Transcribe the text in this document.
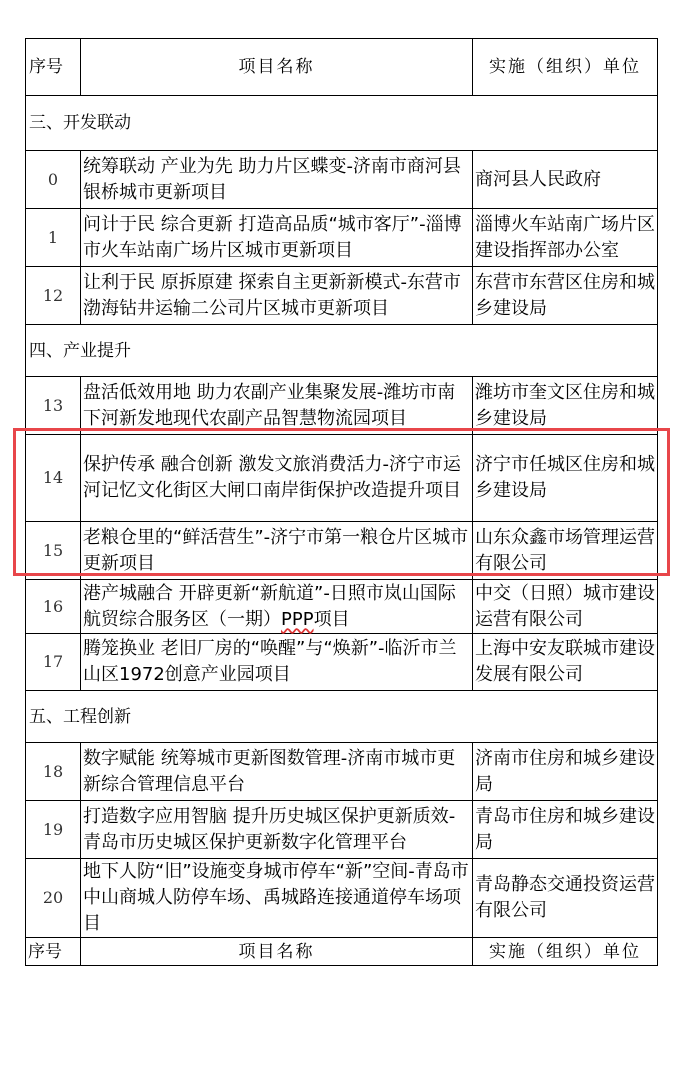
序号	项目名称	实施（组织）单位
三、开发联动		
0	统筹联动 产业为先 助力片区蝶变-济南市商河县银桥城市更新项目	商河县人民政府
1	问计于民 综合更新 打造高品质“城市客厅”-淄博市火车站南广场片区城市更新项目	淄博火车站南广场片区建设指挥部办公室
12	让利于民 原拆原建 探索自主更新新模式-东营市渤海钻井运输二公司片区城市更新项目	东营市东营区住房和城乡建设局
四、产业提升		
13	盘活低效用地 助力农副产业集聚发展-潍坊市南下河新发地现代农副产品智慧物流园项目	潍坊市奎文区住房和城乡建设局
14	保护传承 融合创新 激发文旅消费活力-济宁市运河记忆文化街区大闸口南岸街保护改造提升项目	济宁市任城区住房和城乡建设局
15	老粮仓里的“鲜活营生”-济宁市第一粮仓片区城市更新项目	山东众鑫市场管理运营有限公司
16	港产城融合 开辟更新“新航道”-日照市岚山国际航贸综合服务区（一期）PPP项目	中交（日照）城市建设运营有限公司
17	腾笼换业 老旧厂房的“唤醒”与“焕新”-临沂市兰山区1972创意产业园项目	上海中安友联城市建设发展有限公司
五、工程创新		
18	数字赋能 统筹城市更新图数管理-济南市城市更新综合管理信息平台	济南市住房和城乡建设局
19	打造数字应用智脑 提升历史城区保护更新质效-青岛市历史城区保护更新数字化管理平台	青岛市住房和城乡建设局
20	地下人防“旧”设施变身城市停车“新”空间-青岛市中山商城人防停车场、禹城路连接通道停车场项目	青岛静态交通投资运营有限公司
序号	项目名称	实施（组织）单位
